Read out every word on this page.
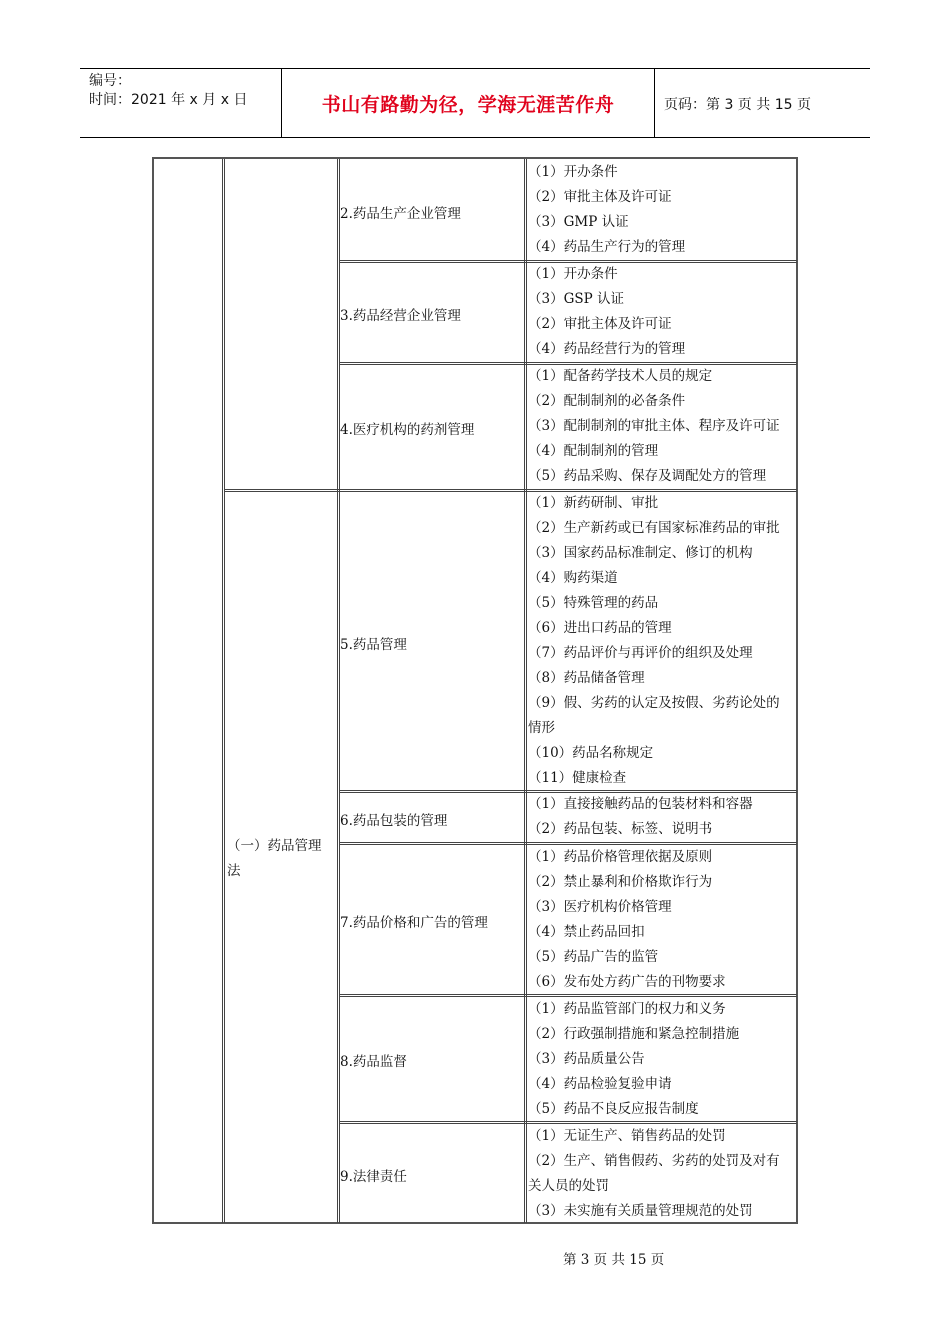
编号：
时间：2021 年 x 月 x 日	书山有路勤为径，学海无涯苦作舟	页码：第 3 页 共 15 页
（一）药品管理
法
2.药品生产企业管理
3.药品经营企业管理
4.医疗机构的药剂管理
5.药品管理
6.药品包装的管理
7.药品价格和广告的管理
8.药品监督
9.法律责任
（1）开办条件
（2）审批主体及许可证
（3）GMP 认证
（4）药品生产行为的管理
（1）开办条件
（3）GSP 认证
（2）审批主体及许可证
（4）药品经营行为的管理
（1）配备药学技术人员的规定
（2）配制制剂的必备条件
（3）配制制剂的审批主体、程序及许可证
（4）配制制剂的管理
（5）药品采购、保存及调配处方的管理
（1）新药研制、审批
（2）生产新药或已有国家标准药品的审批
（3）国家药品标准制定、修订的机构
（4）购药渠道
（5）特殊管理的药品
（6）进出口药品的管理
（7）药品评价与再评价的组织及处理
（8）药品储备管理
（9）假、劣药的认定及按假、劣药论处的
情形
（10）药品名称规定
（11）健康检查
（1）直接接触药品的包装材料和容器
（2）药品包装、标签、说明书
（1）药品价格管理依据及原则
（2）禁止暴利和价格欺诈行为
（3）医疗机构价格管理
（4）禁止药品回扣
（5）药品广告的监管
（6）发布处方药广告的刊物要求
（1）药品监管部门的权力和义务
（2）行政强制措施和紧急控制措施
（3）药品质量公告
（4）药品检验复验申请
（5）药品不良反应报告制度
（1）无证生产、销售药品的处罚
（2）生产、销售假药、劣药的处罚及对有
关人员的处罚
（3）未实施有关质量管理规范的处罚
第 3 页 共 15 页
